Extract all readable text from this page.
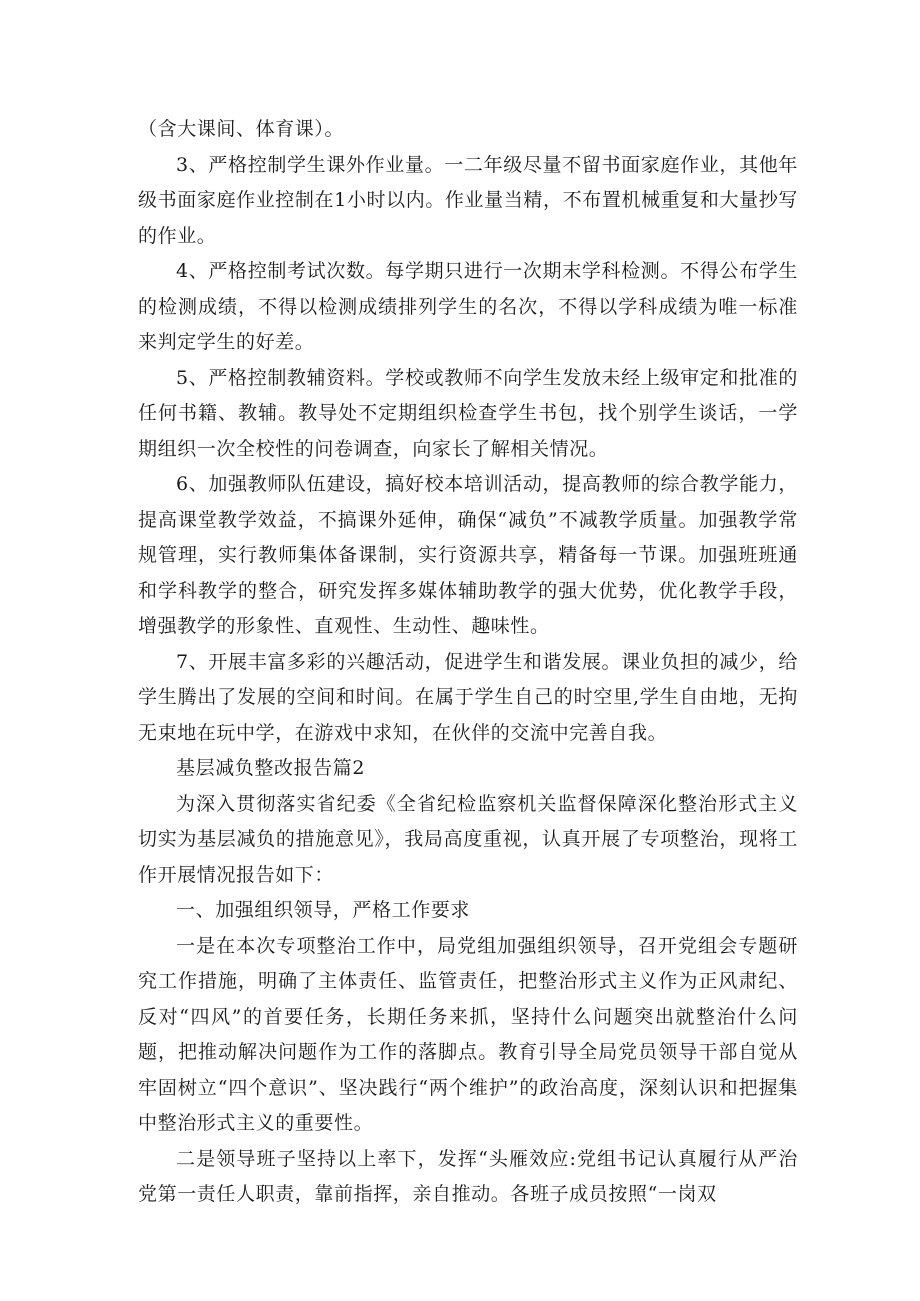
（含大课间、体育课）。

3、严格控制学生课外作业量。一二年级尽量不留书面家庭作业，其他年级书面家庭作业控制在1小时以内。作业量当精，不布置机械重复和大量抄写的作业。

4、严格控制考试次数。每学期只进行一次期末学科检测。不得公布学生的检测成绩，不得以检测成绩排列学生的名次，不得以学科成绩为唯一标准来判定学生的好差。

5、严格控制教辅资料。学校或教师不向学生发放未经上级审定和批准的任何书籍、教辅。教导处不定期组织检查学生书包，找个别学生谈话，一学期组织一次全校性的问卷调查，向家长了解相关情况。

6、加强教师队伍建设，搞好校本培训活动，提高教师的综合教学能力，提高课堂教学效益，不搞课外延伸，确保“减负”不减教学质量。加强教学常规管理，实行教师集体备课制，实行资源共享，精备每一节课。加强班班通和学科教学的整合，研究发挥多媒体辅助教学的强大优势，优化教学手段，增强教学的形象性、直观性、生动性、趣味性。

7、开展丰富多彩的兴趣活动，促进学生和谐发展。课业负担的减少，给学生腾出了发展的空间和时间。在属于学生自己的时空里,学生自由地，无拘无束地在玩中学，在游戏中求知，在伙伴的交流中完善自我。

基层减负整改报告篇2

为深入贯彻落实省纪委《全省纪检监察机关监督保障深化整治形式主义切实为基层减负的措施意见》，我局高度重视，认真开展了专项整治，现将工作开展情况报告如下：

一、加强组织领导，严格工作要求

一是在本次专项整治工作中，局党组加强组织领导，召开党组会专题研究工作措施，明确了主体责任、监管责任，把整治形式主义作为正风肃纪、反对“四风”的首要任务，长期任务来抓，坚持什么问题突出就整治什么问题，把推动解决问题作为工作的落脚点。教育引导全局党员领导干部自觉从牢固树立“四个意识”、坚决践行“两个维护”的政治高度，深刻认识和把握集中整治形式主义的重要性。

二是领导班子坚持以上率下，发挥“头雁效应:党组书记认真履行从严治党第一责任人职责，靠前指挥，亲自推动。各班子成员按照“一岗双
